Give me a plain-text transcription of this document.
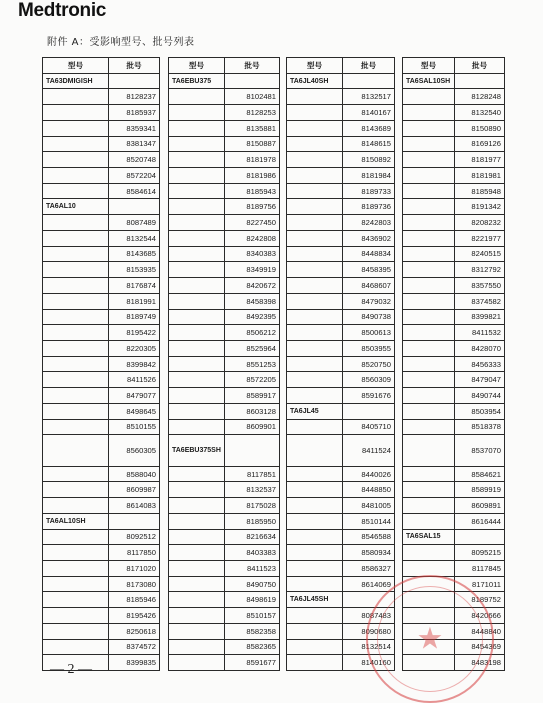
Medtronic
附件 A：受影响型号、批号列表
型号	批号
TA63DMIGISH	
	8128237
	8185937
	8359341
	8381347
	8520748
	8572204
	8584614
TA6AL10	
	8087489
	8132544
	8143685
	8153935
	8176874
	8181991
	8189749
	8195422
	8220305
	8399842
	8411526
	8479077
	8498645
	8510155
	8560305
	8588040
	8609987
	8614083
TA6AL10SH	
	8092512
	8117850
	8171020
	8173080
	8185946
	8195426
	8250618
	8374572
	8399835
型号	批号
TA6EBU375	
	8102481
	8128253
	8135881
	8150887
	8181978
	8181986
	8185943
	8189756
	8227450
	8242808
	8340383
	8349919
	8420672
	8458398
	8492395
	8506212
	8525964
	8551253
	8572205
	8589917
	8603128
	8609901
TA6EBU375SH	
	8117851
	8132537
	8175028
	8185950
	8216634
	8403383
	8411523
	8490750
	8498619
	8510157
	8582358
	8582365
	8591677
型号	批号
TA6JL40SH	
	8132517
	8140167
	8143689
	8148615
	8150892
	8181984
	8189733
	8189736
	8242803
	8436902
	8448834
	8458395
	8468607
	8479032
	8490738
	8500613
	8503955
	8520750
	8560309
	8591676
TA6JL45	
	8405710
	8411524
	8440026
	8448850
	8481005
	8510144
	8546588
	8580934
	8586327
	8614069
TA6JL45SH	
	8087483
	8090680
	8132514
	8140160
型号	批号
TA6SAL10SH	
	8128248
	8132540
	8150890
	8169126
	8181977
	8181981
	8185948
	8191342
	8208232
	8221977
	8240515
	8312792
	8357550
	8374582
	8399821
	8411532
	8428070
	8456333
	8479047
	8490744
	8503954
	8518378
	8537070
	8584621
	8589919
	8609891
	8616444
TA6SAL15	
	8095215
	8117845
	8171011
	8189752
	8420666
	8448840
	8454369
	8483198
— 2 —
★
